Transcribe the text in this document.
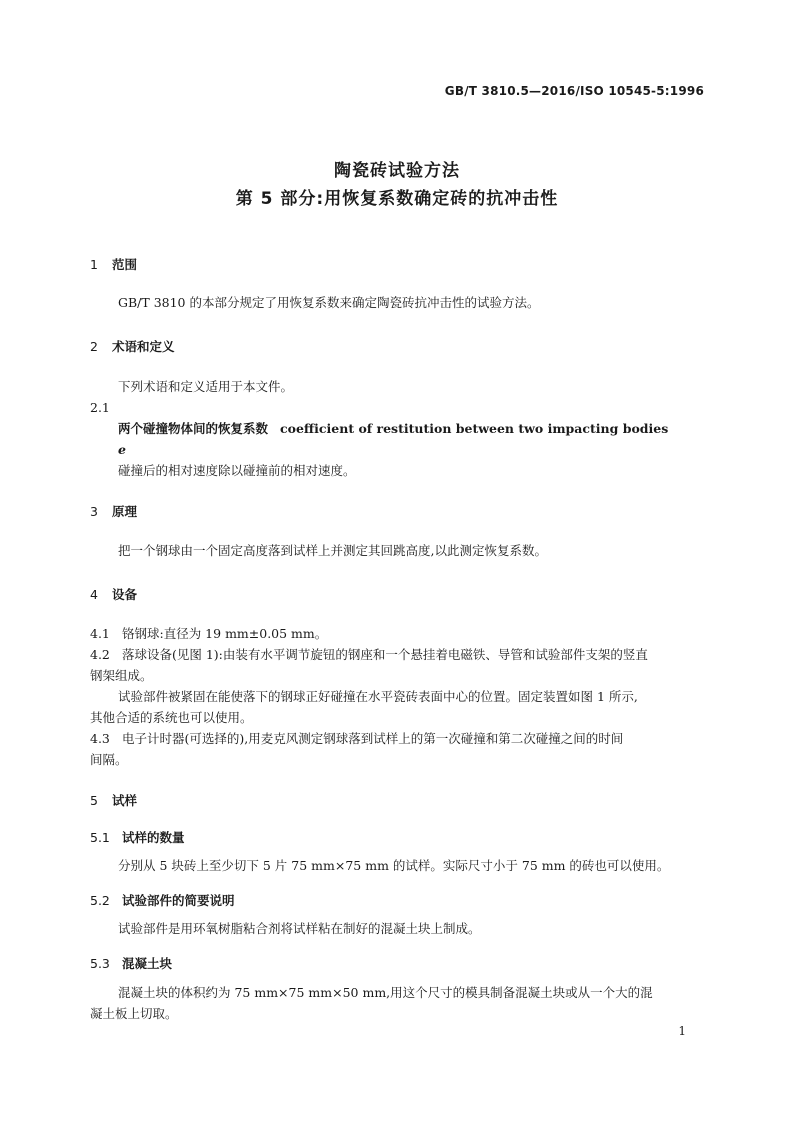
GB/T 3810.5—2016/ISO 10545-5:1996
陶瓷砖试验方法
第 5 部分:用恢复系数确定砖的抗冲击性
1 范围
GB/T 3810 的本部分规定了用恢复系数来确定陶瓷砖抗冲击性的试验方法。
2 术语和定义
下列术语和定义适用于本文件。
2.1
两个碰撞物体间的恢复系数 coefficient of restitution between two impacting bodies
e
碰撞后的相对速度除以碰撞前的相对速度。
3 原理
把一个钢球由一个固定高度落到试样上并测定其回跳高度,以此测定恢复系数。
4 设备
4.1 铬钢球:直径为 19 mm±0.05 mm。
4.2 落球设备(见图 1):由装有水平调节旋钮的钢座和一个悬挂着电磁铁、导管和试验部件支架的竖直
钢架组成。
试验部件被紧固在能使落下的钢球正好碰撞在水平瓷砖表面中心的位置。固定装置如图 1 所示,
其他合适的系统也可以使用。
4.3 电子计时器(可选择的),用麦克风测定钢球落到试样上的第一次碰撞和第二次碰撞之间的时间
间隔。
5 试样
5.1 试样的数量
分别从 5 块砖上至少切下 5 片 75 mm×75 mm 的试样。实际尺寸小于 75 mm 的砖也可以使用。
5.2 试验部件的简要说明
试验部件是用环氧树脂粘合剂将试样粘在制好的混凝土块上制成。
5.3 混凝土块
混凝土块的体积约为 75 mm×75 mm×50 mm,用这个尺寸的模具制备混凝土块或从一个大的混
凝土板上切取。
1
